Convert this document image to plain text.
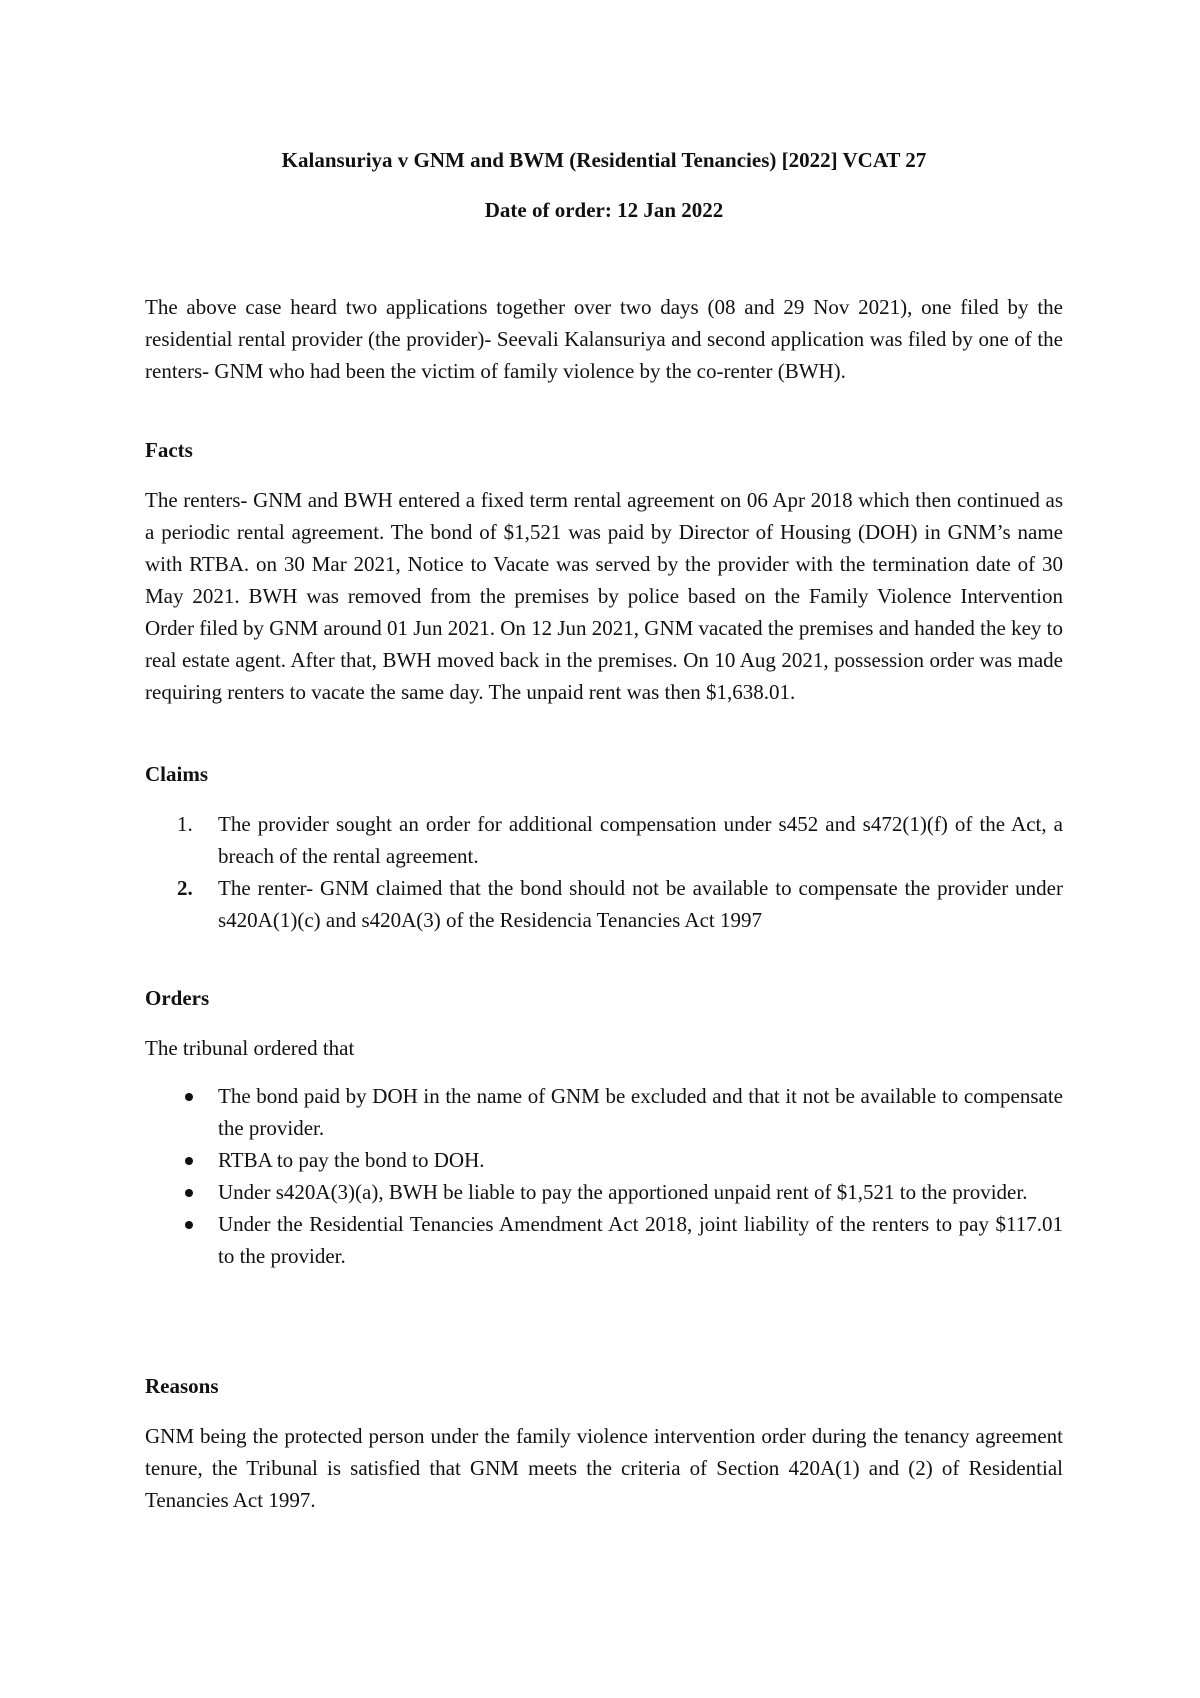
Kalansuriya v GNM and BWM (Residential Tenancies) [2022] VCAT 27
Date of order: 12 Jan 2022

The above case heard two applications together over two days (08 and 29 Nov 2021), one filed by the residential rental provider (the provider)- Seevali Kalansuriya and second application was filed by one of the renters- GNM who had been the victim of family violence by the co-renter (BWH).

Facts

The renters- GNM and BWH entered a fixed term rental agreement on 06 Apr 2018 which then continued as a periodic rental agreement. The bond of $1,521 was paid by Director of Housing (DOH) in GNM’s name with RTBA. on 30 Mar 2021, Notice to Vacate was served by the provider with the termination date of 30 May 2021. BWH was removed from the premises by police based on the Family Violence Intervention Order filed by GNM around 01 Jun 2021. On 12 Jun 2021, GNM vacated the premises and handed the key to real estate agent. After that, BWH moved back in the premises. On 10 Aug 2021, possession order was made requiring renters to vacate the same day. The unpaid rent was then $1,638.01.

Claims
1. The provider sought an order for additional compensation under s452 and s472(1)(f) of the Act, a breach of the rental agreement.
2. The renter- GNM claimed that the bond should not be available to compensate the provider under s420A(1)(c) and s420A(3) of the Residencia Tenancies Act 1997
Orders

The tribunal ordered that

The bond paid by DOH in the name of GNM be excluded and that it not be available to compensate the provider.
RTBA to pay the bond to DOH.
Under s420A(3)(a), BWH be liable to pay the apportioned unpaid rent of $1,521 to the provider.
Under the Residential Tenancies Amendment Act 2018, joint liability of the renters to pay $117.01 to the provider.
Reasons

GNM being the protected person under the family violence intervention order during the tenancy agreement tenure, the Tribunal is satisfied that GNM meets the criteria of Section 420A(1) and (2) of Residential Tenancies Act 1997.
